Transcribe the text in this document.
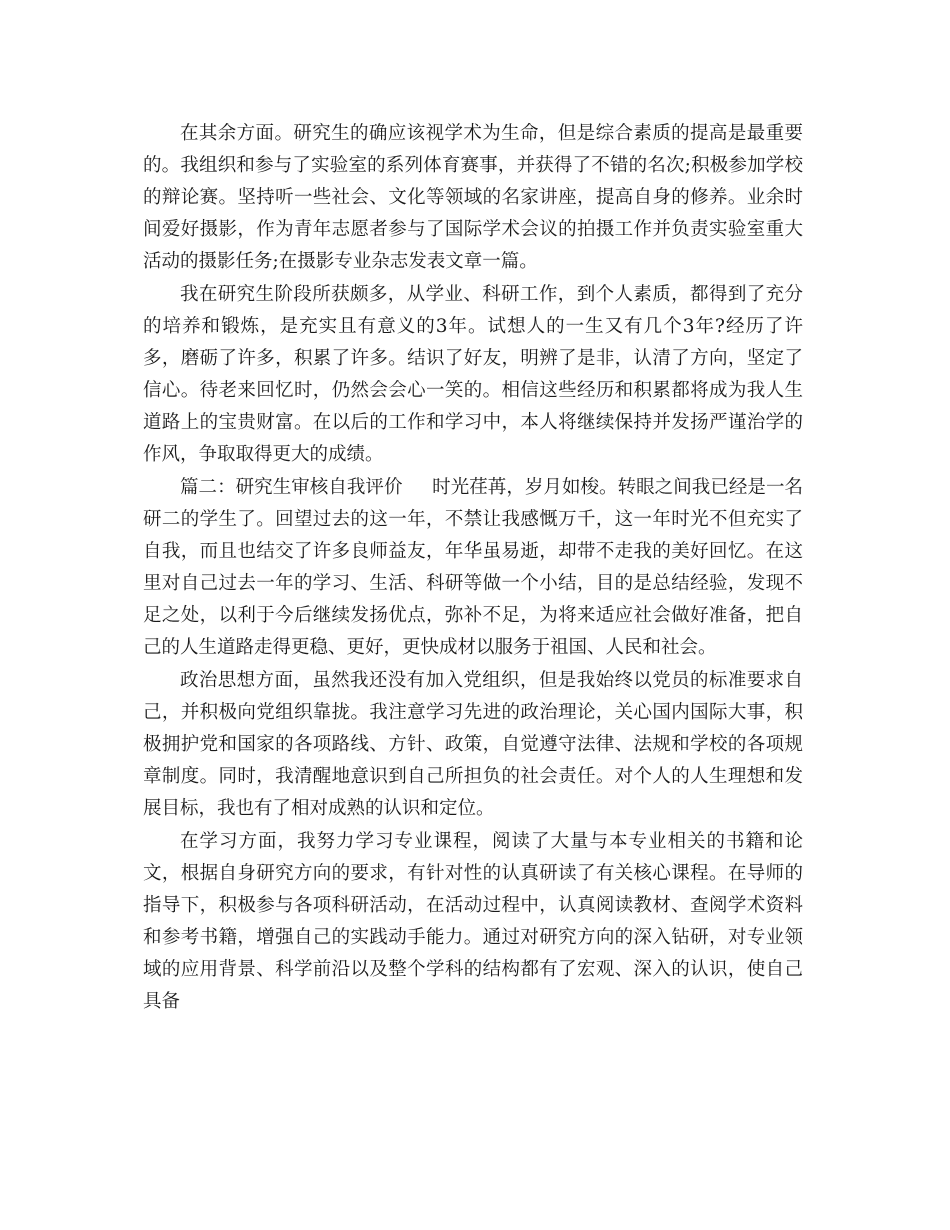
在其余方面。研究生的确应该视学术为生命，但是综合素质的提高是最重要的。我组织和参与了实验室的系列体育赛事，并获得了不错的名次;积极参加学校的辩论赛。坚持听一些社会、文化等领域的名家讲座，提高自身的修养。业余时间爱好摄影，作为青年志愿者参与了国际学术会议的拍摄工作并负责实验室重大活动的摄影任务;在摄影专业杂志发表文章一篇。

我在研究生阶段所获颇多，从学业、科研工作，到个人素质，都得到了充分的培养和锻炼，是充实且有意义的3年。试想人的一生又有几个3年?经历了许多，磨砺了许多，积累了许多。结识了好友，明辨了是非，认清了方向，坚定了信心。待老来回忆时，仍然会会心一笑的。相信这些经历和积累都将成为我人生道路上的宝贵财富。在以后的工作和学习中，本人将继续保持并发扬严谨治学的作风，争取取得更大的成绩。

篇二：研究生审核自我评价 时光荏苒，岁月如梭。转眼之间我已经是一名研二的学生了。回望过去的这一年，不禁让我感慨万千，这一年时光不但充实了自我，而且也结交了许多良师益友，年华虽易逝，却带不走我的美好回忆。在这里对自己过去一年的学习、生活、科研等做一个小结，目的是总结经验，发现不足之处，以利于今后继续发扬优点，弥补不足，为将来适应社会做好准备，把自己的人生道路走得更稳、更好，更快成材以服务于祖国、人民和社会。

政治思想方面，虽然我还没有加入党组织，但是我始终以党员的标准要求自己，并积极向党组织靠拢。我注意学习先进的政治理论，关心国内国际大事，积极拥护党和国家的各项路线、方针、政策，自觉遵守法律、法规和学校的各项规章制度。同时，我清醒地意识到自己所担负的社会责任。对个人的人生理想和发展目标，我也有了相对成熟的认识和定位。

在学习方面，我努力学习专业课程，阅读了大量与本专业相关的书籍和论文，根据自身研究方向的要求，有针对性的认真研读了有关核心课程。在导师的指导下，积极参与各项科研活动，在活动过程中，认真阅读教材、查阅学术资料和参考书籍，增强自己的实践动手能力。通过对研究方向的深入钻研，对专业领域的应用背景、科学前沿以及整个学科的结构都有了宏观、深入的认识，使自己具备
